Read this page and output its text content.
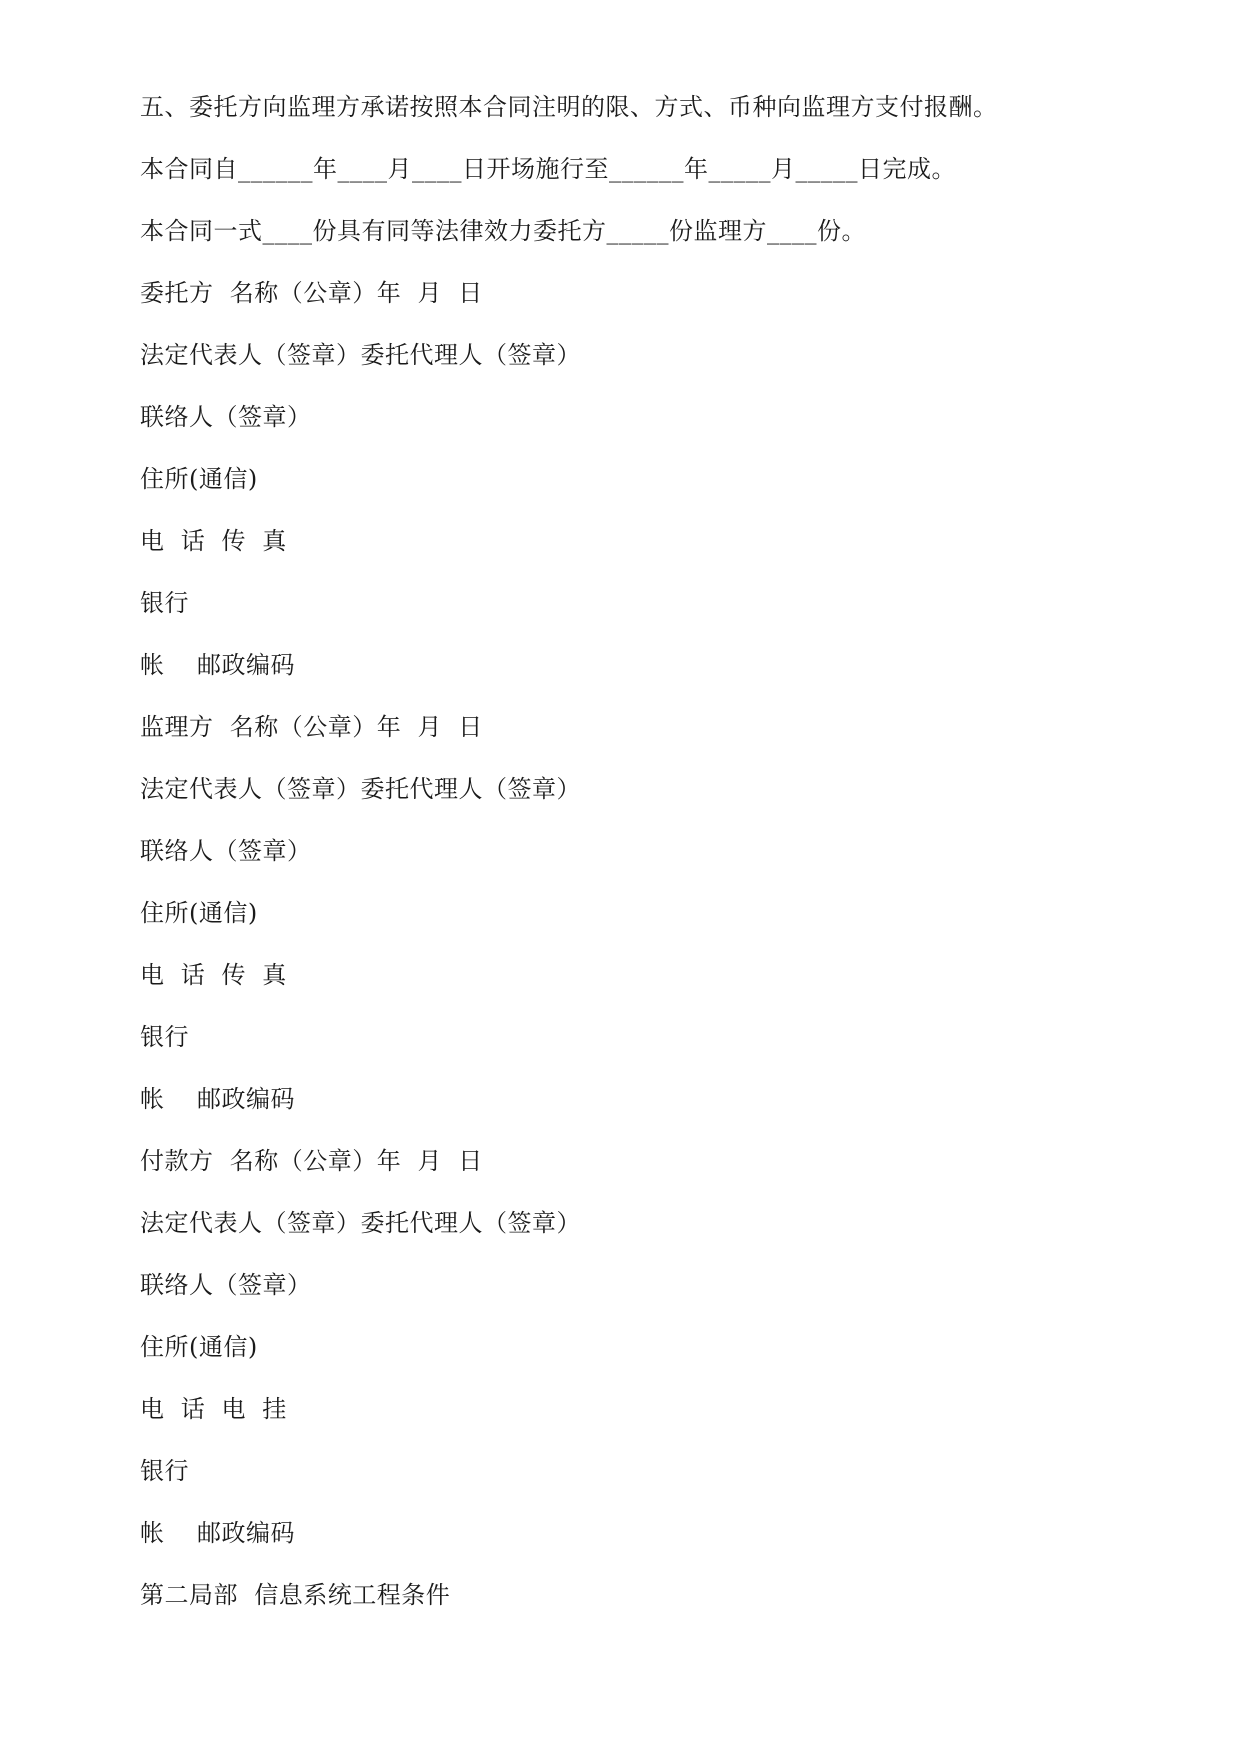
五、委托方向监理方承诺按照本合同注明的限、方式、币种向监理方支付报酬。
本合同自______年____月____日开场施行至______年_____月_____日完成。
本合同一式____份具有同等法律效力委托方_____份监理方____份。
委托方  名称（公章）年  月  日
法定代表人（签章）委托代理人（签章）
联络人（签章）
住所(通信)
电  话  传  真
银行
帐    邮政编码
监理方  名称（公章）年  月  日
法定代表人（签章）委托代理人（签章）
联络人（签章）
住所(通信)
电  话  传  真
银行
帐    邮政编码
付款方  名称（公章）年  月  日
法定代表人（签章）委托代理人（签章）
联络人（签章）
住所(通信)
电  话  电  挂
银行
帐    邮政编码
第二局部  信息系统工程条件
